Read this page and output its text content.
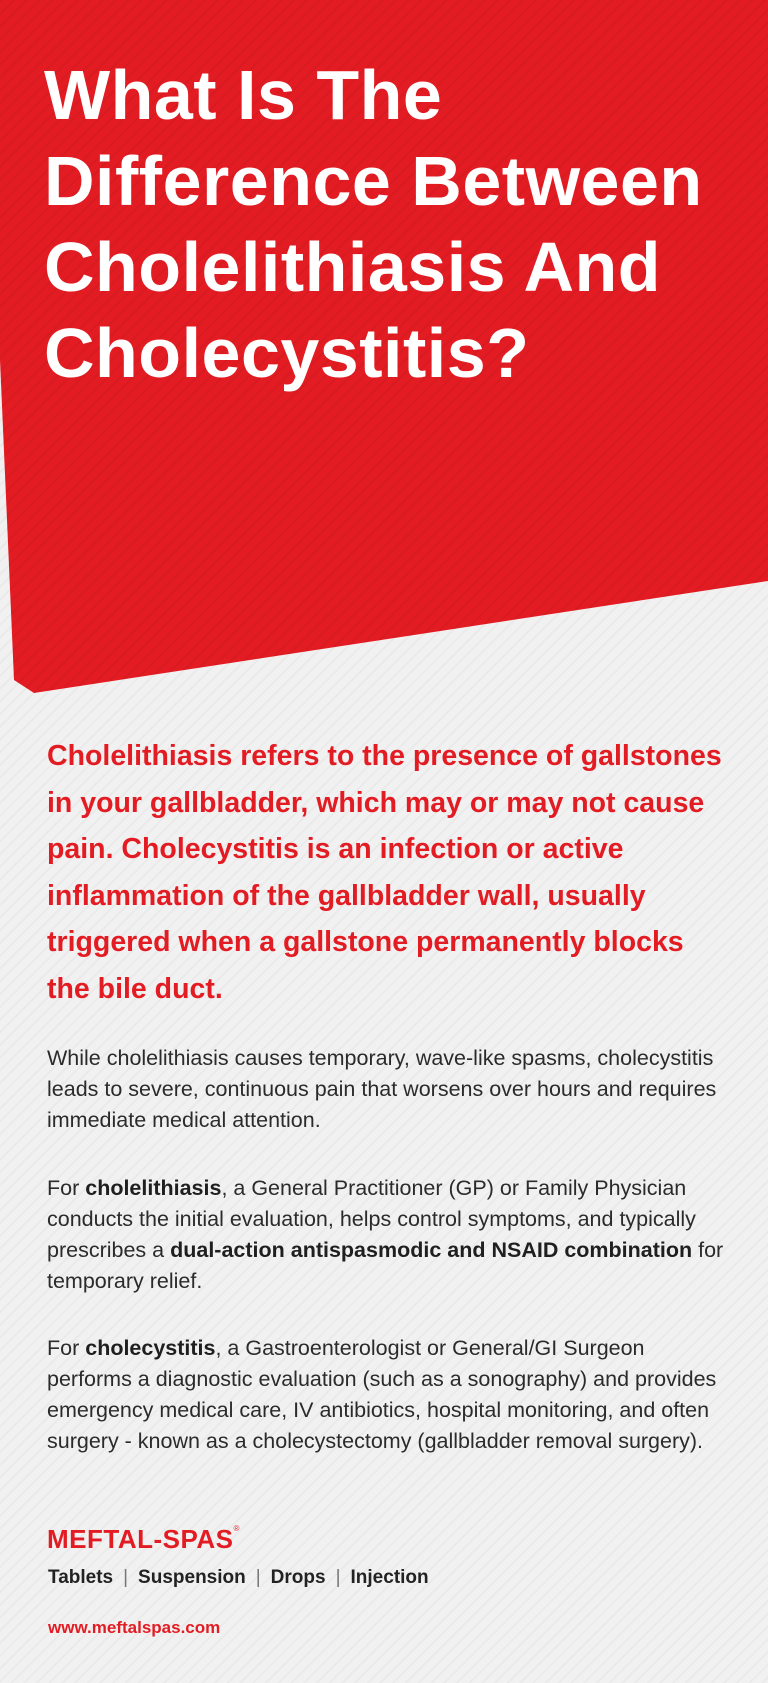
What Is The Difference Between Cholelithiasis And Cholecystitis?

Cholelithiasis refers to the presence of gallstones in your gallbladder, which may or may not cause pain. Cholecystitis is an infection or active inflammation of the gallbladder wall, usually triggered when a gallstone permanently blocks the bile duct.

While cholelithiasis causes temporary, wave-like spasms, cholecystitis leads to severe, continuous pain that worsens over hours and requires immediate medical attention.

For cholelithiasis, a General Practitioner (GP) or Family Physician conducts the initial evaluation, helps control symptoms, and typically prescribes a dual-action antispasmodic and NSAID combination for temporary relief.

For cholecystitis, a Gastroenterologist or General/GI Surgeon performs a diagnostic evaluation (such as a sonography) and provides emergency medical care, IV antibiotics, hospital monitoring, and often surgery - known as a cholecystectomy (gallbladder removal surgery).

MEFTAL-SPAS®
Tablets | Suspension | Drops | Injection
www.meftalspas.com
